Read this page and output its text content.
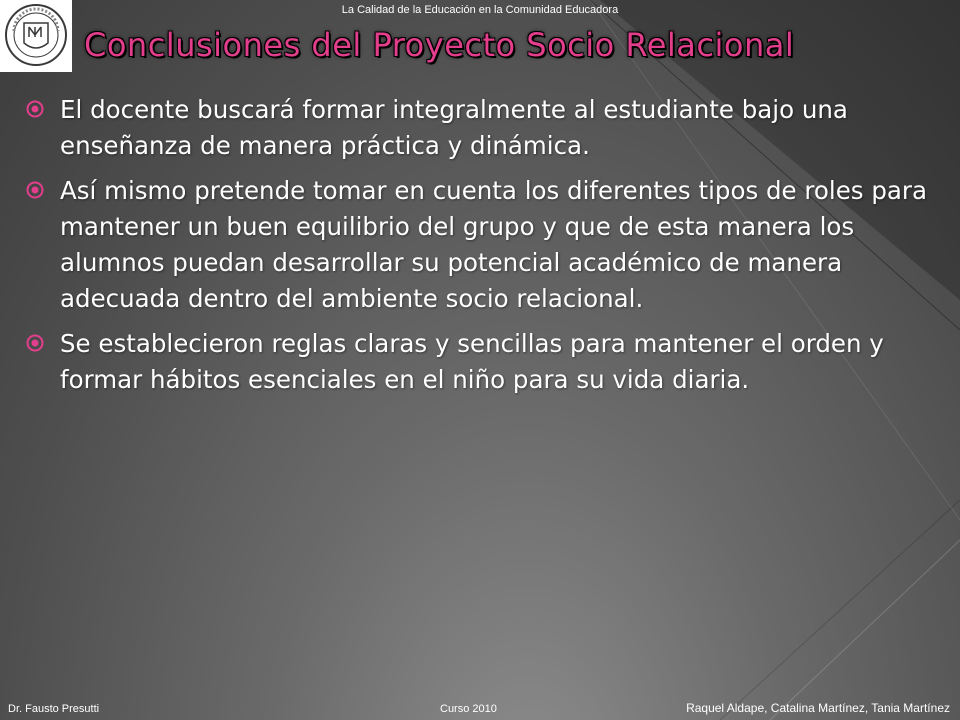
La Calidad de la Educación en la Comunidad Educadora
Conclusiones del Proyecto Socio Relacional
El docente buscará formar integralmente al estudiante bajo una enseñanza de manera práctica y dinámica.
Así mismo pretende tomar en cuenta los diferentes tipos de roles para mantener un buen equilibrio del grupo y que de esta manera los alumnos puedan desarrollar su potencial académico de manera adecuada dentro del ambiente socio relacional.
Se establecieron reglas claras y sencillas para mantener el orden y formar hábitos esenciales en el niño para su vida diaria.
Dr. Fausto Presutti	Curso 2010	Raquel Aldape, Catalina Martínez, Tania Martínez
